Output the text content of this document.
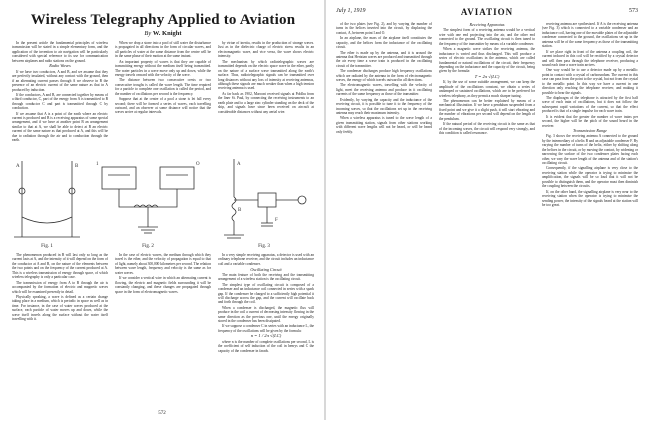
Wireless Telegraphy Applied to Aviation
By W. Knight

In the present article the fundamental principles of wireless transmission will be stated in a simple elementary form, and the application of the invention to air navigation will be particularly considered with special reference to its use for communication between airplanes and radio stations on the ground.

Radio Waves

If we have two conductors, A and B, and we assume that they are perfectly insulated, without any contact with the ground, then if an alternating current passes through A we observe in B the presence of an electric current of the same nature as that in A produced by induction.

If the conductors, A and B, are connected together by means of a third conductor, C, part of the energy from A is transmitted to B through conductor C and part is transmitted through C by conduction.

If we assume that A is a point of the earth where an electric current is produced and B is a receiving apparatus of some special arrangement, and if we have at another point B an arrangement similar to that at A, we shall be able to detect at B an electric current of the same nature as that produced at A, and this will be due to radiation through the air and to conduction through the earth.

When we drop a stone into a pool of still water the disturbance is propagated in all directions in the form of circular waves, and all particles of water at the same distance from the centre will be in the same phase of their motion at the same instant.

An important property of waves is that they are capable of transmitting energy without the medium itself being transmitted. The water particles in a wave move only up and down, while the energy travels onward with the velocity of the wave.

The distance between two consecutive crests or two consecutive troughs is called the wave length. The time required for a particle to complete one oscillation is called the period, and the number of oscillations per second is the frequency.

Suppose that at the centre of a pool a stone is let fall every second; there will be formed a series of waves, each travelling outward, and an observer at some distance will notice that the waves arrive at regular intervals.

by virtue of inertia, results in the production of strange waves. Just as in the dielectric charge of electric stress results in an electromagnetic wave, and vice versa, the wave shows electric intensity.

The mechanism by which radiotelegraphic waves are transmitted depends on the electric space wave in the ether, partly on the nature of a surface wave transmitted along the earth's surface. Thus, radiotelegraphic signals can be transmitted over long distances without any loss of intensity at receiving antennas, although these signals are much weaker than when a high tension receiving antenna is used.

As far back as 1902, Marconi received signals at Poldhu from the liner St. Paul, by connecting the receiving instruments to an earth plate and to a large zinc cylinder standing on the deck of the ship, and signals have since been received on aircraft at considerable distances without any aerial wire.

A	B
Fig. 1
1	O
Fig. 2
A
B
F
Fig. 3

The phenomenon produced in B will last only so long as the current lasts at A, and the intensity of it will depend on the form of the conductor at A and B, on the nature of the elements between the two points and on the frequency of the current produced at A. This is a wireless transmission of energy through space, of which wireless telegraphy is only a particular case.

The transmission of energy from A to B through the air is accompanied by the formation of electric and magnetic waves which will be examined presently in detail.

Physically speaking, a wave is defined as a certain change taking place in a medium, which is periodic in space as well as in time. For instance, in the case of water waves produced at the surface, each particle of water moves up and down, while the wave itself travels along the surface without the water itself travelling with it.

In the case of electric waves, the medium through which they travel is the ether, and the velocity of propagation is equal to that of light, namely about 300,000 kilometres per second. The relation between wave length, frequency and velocity is the same as for water waves.

If we consider a vertical wire in which an alternating current is flowing, the electric and magnetic fields surrounding it will be constantly changing, and these changes are propagated through space in the form of electromagnetic waves.

In a very simple receiving apparatus, a detector is used with an ordinary telephone receiver, and the circuit includes an inductance coil and a variable condenser.

Oscillating Circuit

The main feature of both the receiving and the transmitting arrangement of a wireless station is the oscillating circuit.

The simplest type of oscillating circuit is composed of a condenser and an inductance coil connected in series with a spark gap. If the condenser be charged to a sufficiently high potential it will discharge across the gap, and the current will oscillate back and forth through the coil.

When a condenser is discharged, the magnetic flux will produce in the coil a current of decreasing intensity flowing in the same direction as the previous one, until the energy originally stored in the condenser has been dissipated.

If we suppose a condenser C in series with an inductance L, the frequency of the oscillations will be given by the formula:

n = 1 / 2π √(LC)

where n is the number of complete oscillations per second, L is the coefficient of self induction of the coil in henrys and C the capacity of the condenser in farads.

572
July 1, 1919	AVIATION	573

of the two plates (see Fig. 2), and by varying the number of turns in the helices inserted into the circuit, by displacing the contact, A, between point I and O.

In an airplane, the mass of the airplane itself constitutes the capacity, and the helices form the inductance of the oscillating circuit.

The ether is made up by the antenna, and it is around the antenna that Hertzian waves are produced and transmitted through the air every time a wave train is produced in the oscillating circuit of the transmitter.

The condenser discharges produce high frequency oscillations which are radiated by the antenna in the form of electromagnetic waves, the energy of which travels outward in all directions.

The electromagnetic waves, travelling with the velocity of light, meet the receiving antenna and produce in it oscillating currents of the same frequency as those of the transmitter.

Evidently, by varying the capacity and the inductance of the receiving circuit, it is possible to tune it to the frequency of the incoming waves, so that the oscillations set up in the receiving antenna may reach their maximum intensity.

When a wireless apparatus is tuned to the wave length of a given transmitting station, signals from other stations working with different wave lengths will not be heard, or will be heard only feebly.

Receiving Apparatus

The simplest form of a receiving antenna would be a vertical wire with one end projecting into the air, and the other end connected to the ground. The oscillating circuit is then tuned to the frequency of the transmitter by means of a variable condenser.

When a magnetic wave strikes the receiving antenna, the inductance is varied and thus discharged. This will produce a series of electric oscillations in the antenna, which are called fundamental or natural oscillations of the circuit, their frequency depending on the inductance and the capacity of the circuit, being given by the formula:

T = 2π √(LC)

If, by the use of some suitable arrangement, we can keep the amplitude of the oscillations constant, we obtain a series of undamped or sustained oscillations, which are to be preferred for wireless telephony, as they permit a much sharper tuning.

The phenomenon can be better explained by means of a mechanical illustration. If we have a pendulum suspended from a fixed point and we give it a slight push, it will start vibrating and the number of vibrations per second will depend on the length of the pendulum.

If the natural period of the receiving circuit is the same as that of the incoming waves, the circuit will respond very strongly, and this condition is called resonance.

receiving antenna are synthesized. If A is the receiving antenna (see Fig. 3) which is connected to a variable condenser and an inductance coil, having one of the movable plates of the adjustable condenser connected to the ground, the oscillations set up in the antenna will be of the same frequency as those of the transmitting station.

If we place right in front of the antenna a coupling coil, the current induced in this coil will be rectified by a crystal detector and will then pass through the telephone receiver, producing a sound each time a wave train arrives.

One way would be to use a detector made up by a metallic point in contact with a crystal of carborundum. The current in this case can pass from the point to the crystal, but not from the crystal to the metallic point. In this way we have a current in one direction only reaching the telephone receiver, and making it possible to hear the signals.

The diaphragm of the telephone is attracted by the first half wave of each train of oscillations, but it does not follow the subsequent rapid variations of the current, so that the effect produced is that of a single impulse for each wave train.

It is evident that the greater the number of wave trains per second, the higher will be the pitch of the sound heard in the receiver.

Transmission Range

Fig. 3 shows the receiving antenna A connected to the ground by the intermediary of a helix B and an adjustable condenser F. By varying the number of turns of the helix, either by shifting along the helices in the circuit, or by moving the contact, by widening or narrowing the surface of the two condenser plates facing each other, we vary the wave length of the antenna and of the station's oscillating circuit.

Consequently, if the signalling airplane is very close to the receiving station while the operator is trying to minimise the amplification, the signals will be so loud that it will not be possible to distinguish them, and the operator must then diminish the coupling between the circuits.

If, on the other hand, the signalling airplane is very near to the receiving station when the operator is trying to minimise the sending power, the intensity of the signals heard at the station will be too great.
